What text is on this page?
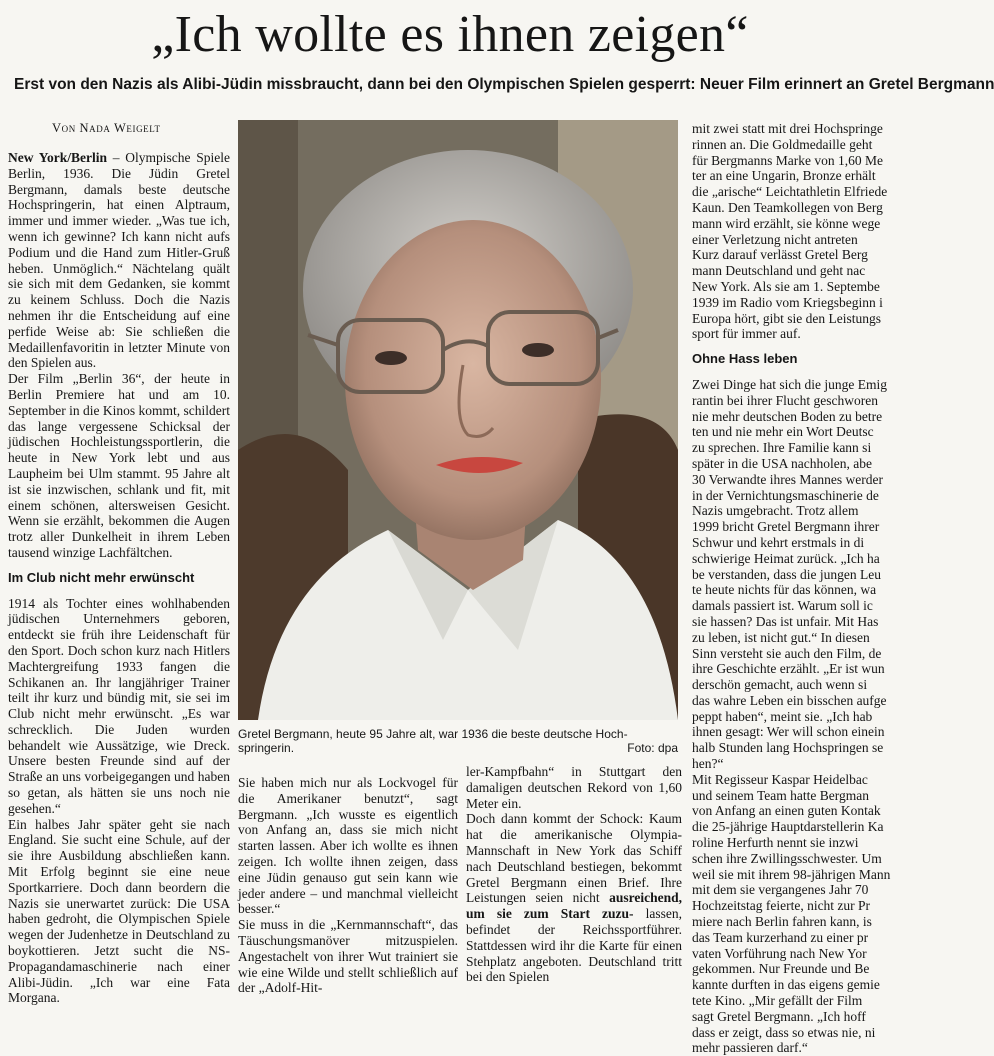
„Ich wollte es ihnen zeigen“
Erst von den Nazis als Alibi-Jüdin missbraucht, dann bei den Olympischen Spielen gesperrt: Neuer Film erinnert an Gretel Bergmann
Von Nada Weigelt

New York/Berlin – Olympische Spiele Berlin, 1936. Die Jüdin Gretel Bergmann, damals beste deutsche Hochspringerin, hat einen Alptraum, immer und immer wieder. „Was tue ich, wenn ich gewinne? Ich kann nicht aufs Podium und die Hand zum Hitler-Gruß heben. Unmöglich.“ Nächtelang quält sie sich mit dem Gedanken, sie kommt zu keinem Schluss. Doch die Nazis nehmen ihr die Entscheidung auf eine perfide Weise ab: Sie schließen die Medaillenfavoritin in letzter Minute von den Spielen aus.

Der Film „Berlin 36“, der heute in Berlin Premiere hat und am 10. September in die Kinos kommt, schildert das lange vergessene Schicksal der jüdischen Hochleistungssportlerin, die heute in New York lebt und aus Laupheim bei Ulm stammt. 95 Jahre alt ist sie inzwischen, schlank und fit, mit einem schönen, altersweisen Gesicht. Wenn sie erzählt, bekommen die Augen trotz aller Dunkelheit in ihrem Leben tausend winzige Lachfältchen.

Im Club nicht mehr erwünscht

1914 als Tochter eines wohlhabenden jüdischen Unternehmers geboren, entdeckt sie früh ihre Leidenschaft für den Sport. Doch schon kurz nach Hitlers Machtergreifung 1933 fangen die Schikanen an. Ihr langjähriger Trainer teilt ihr kurz und bündig mit, sie sei im Club nicht mehr erwünscht. „Es war schrecklich. Die Juden wurden behandelt wie Aussätzige, wie Dreck. Unsere besten Freunde sind auf der Straße an uns vorbeigegangen und haben so getan, als hätten sie uns noch nie gesehen.“

Ein halbes Jahr später geht sie nach England. Sie sucht eine Schule, auf der sie ihre Ausbildung abschließen kann. Mit Erfolg beginnt sie eine neue Sportkarriere. Doch dann beordern die Nazis sie unerwartet zurück: Die USA haben gedroht, die Olympischen Spiele wegen der Judenhetze in Deutschland zu boykottieren. Jetzt sucht die NS-Propagandamaschinerie nach einer Alibi-Jüdin. „Ich war eine Fata Morgana.

Gretel Bergmann, heute 95 Jahre alt, war 1936 die beste deutsche Hoch-springerin.	Foto: dpa

Sie haben mich nur als Lockvogel für die Amerikaner benutzt“, sagt Bergmann. „Ich wusste es eigentlich von Anfang an, dass sie mich nicht starten lassen. Aber ich wollte es ihnen zeigen. Ich wollte ihnen zeigen, dass eine Jüdin genauso gut sein kann wie jeder andere – und manchmal vielleicht besser.“

Sie muss in die „Kernmannschaft“, das Täuschungsmanöver mitzuspielen. Angestachelt von ihrer Wut trainiert sie wie eine Wilde und stellt schließlich auf der „Adolf-Hit-

ler-Kampfbahn“ in Stuttgart den damaligen deutschen Rekord von 1,60 Meter ein.

Doch dann kommt der Schock: Kaum hat die amerikanische Olympia-Mannschaft in New York das Schiff nach Deutschland bestiegen, bekommt Gretel Bergmann einen Brief. Ihre Leistungen seien nicht ausreichend, um sie zum Start zuzu- lassen, befindet der Reichssportführer. Stattdessen wird ihr die Karte für einen Stehplatz angeboten. Deutschland tritt bei den Spielen

mit zwei statt mit drei Hochspringe
rinnen an. Die Goldmedaille geht
für Bergmanns Marke von 1,60 Me
ter an eine Ungarin, Bronze erhält
die „arische“ Leichtathletin Elfriede
Kaun. Den Teamkollegen von Berg
mann wird erzählt, sie könne wege
einer Verletzung nicht antreten
Kurz darauf verlässt Gretel Berg
mann Deutschland und geht nac
New York. Als sie am 1. Septembe
1939 im Radio vom Kriegsbeginn i
Europa hört, gibt sie den Leistungs
sport für immer auf.
Ohne Hass leben
Zwei Dinge hat sich die junge Emig
rantin bei ihrer Flucht geschworen
nie mehr deutschen Boden zu betre
ten und nie mehr ein Wort Deutsc
zu sprechen. Ihre Familie kann si
später in die USA nachholen, abe
30 Verwandte ihres Mannes werder
in der Vernichtungsmaschinerie de
Nazis umgebracht. Trotz allem
1999 bricht Gretel Bergmann ihrer
Schwur und kehrt erstmals in di
schwierige Heimat zurück. „Ich ha
be verstanden, dass die jungen Leu
te heute nichts für das können, wa
damals passiert ist. Warum soll ic
sie hassen? Das ist unfair. Mit Has
zu leben, ist nicht gut.“ In diesen
Sinn versteht sie auch den Film, de
ihre Geschichte erzählt. „Er ist wun
derschön gemacht, auch wenn si
das wahre Leben ein bisschen aufge
peppt haben“, meint sie. „Ich hab
ihnen gesagt: Wer will schon einein
halb Stunden lang Hochspringen se
hen?“
Mit Regisseur Kaspar Heidelbac
und seinem Team hatte Bergman
von Anfang an einen guten Kontak
die 25-jährige Hauptdarstellerin Ka
roline Herfurth nennt sie inzwi
schen ihre Zwillingsschwester. Um
weil sie mit ihrem 98-jährigen Mann
mit dem sie vergangenes Jahr 70
Hochzeitstag feierte, nicht zur Pr
miere nach Berlin fahren kann, is
das Team kurzerhand zu einer pr
vaten Vorführung nach New Yor
gekommen. Nur Freunde und Be
kannte durften in das eigens gemie
tete Kino. „Mir gefällt der Film
sagt Gretel Bergmann. „Ich hoff
dass er zeigt, dass so etwas nie, ni
mehr passieren darf.“
